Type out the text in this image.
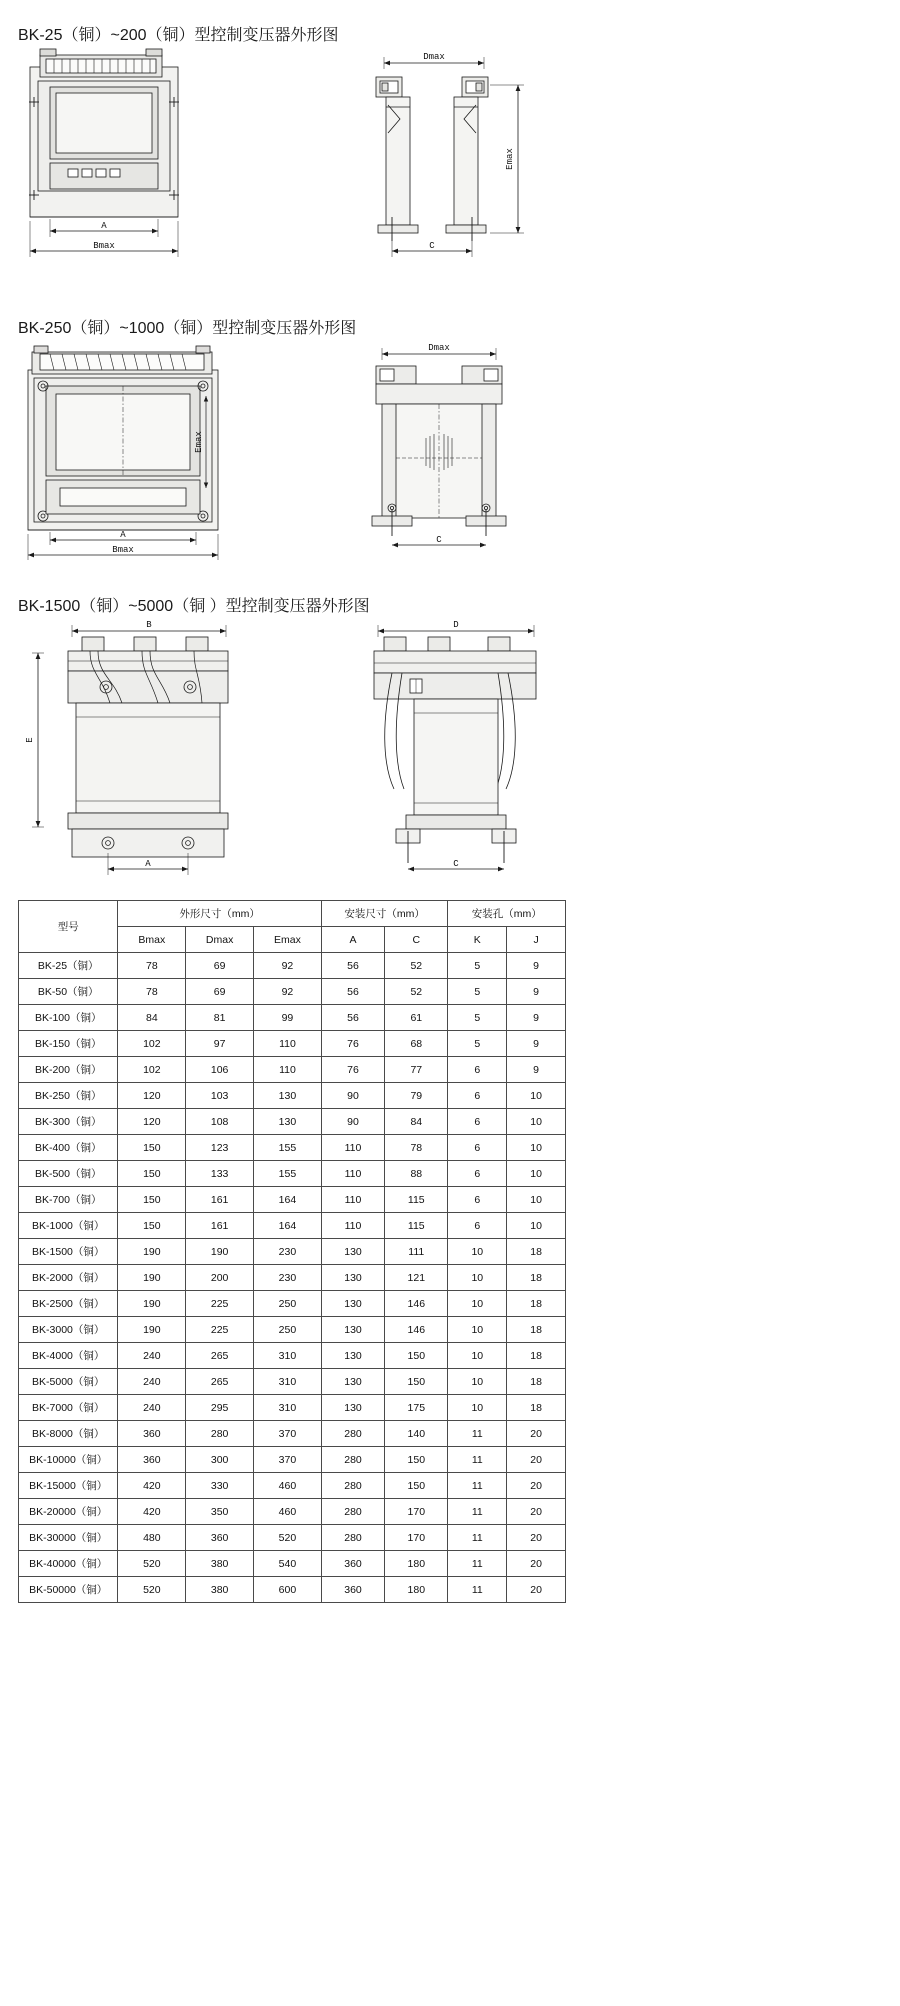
BK-25（铜）~200（铜）型控制变压器外形图
A
Bmax
Dmax
Emax
C
BK-250（铜）~1000（铜）型控制变压器外形图
A
Bmax
Emax
Dmax
C
BK-1500（铜）~5000（铜 ）型控制变压器外形图
B
A
E
D
C
型号	外形尺寸（mm）			安装尺寸（mm）		安装孔（mm）	
	Bmax	Dmax	Emax	A	C	K	J
BK-25（铜）	78	69	92	56	52	5	9
BK-50（铜）	78	69	92	56	52	5	9
BK-100（铜）	84	81	99	56	61	5	9
BK-150（铜）	102	97	110	76	68	5	9
BK-200（铜）	102	106	110	76	77	6	9
BK-250（铜）	120	103	130	90	79	6	10
BK-300（铜）	120	108	130	90	84	6	10
BK-400（铜）	150	123	155	110	78	6	10
BK-500（铜）	150	133	155	110	88	6	10
BK-700（铜）	150	161	164	110	115	6	10
BK-1000（铜）	150	161	164	110	115	6	10
BK-1500（铜）	190	190	230	130	111	10	18
BK-2000（铜）	190	200	230	130	121	10	18
BK-2500（铜）	190	225	250	130	146	10	18
BK-3000（铜）	190	225	250	130	146	10	18
BK-4000（铜）	240	265	310	130	150	10	18
BK-5000（铜）	240	265	310	130	150	10	18
BK-7000（铜）	240	295	310	130	175	10	18
BK-8000（铜）	360	280	370	280	140	11	20
BK-10000（铜）	360	300	370	280	150	11	20
BK-15000（铜）	420	330	460	280	150	11	20
BK-20000（铜）	420	350	460	280	170	11	20
BK-30000（铜）	480	360	520	280	170	11	20
BK-40000（铜）	520	380	540	360	180	11	20
BK-50000（铜）	520	380	600	360	180	11	20
